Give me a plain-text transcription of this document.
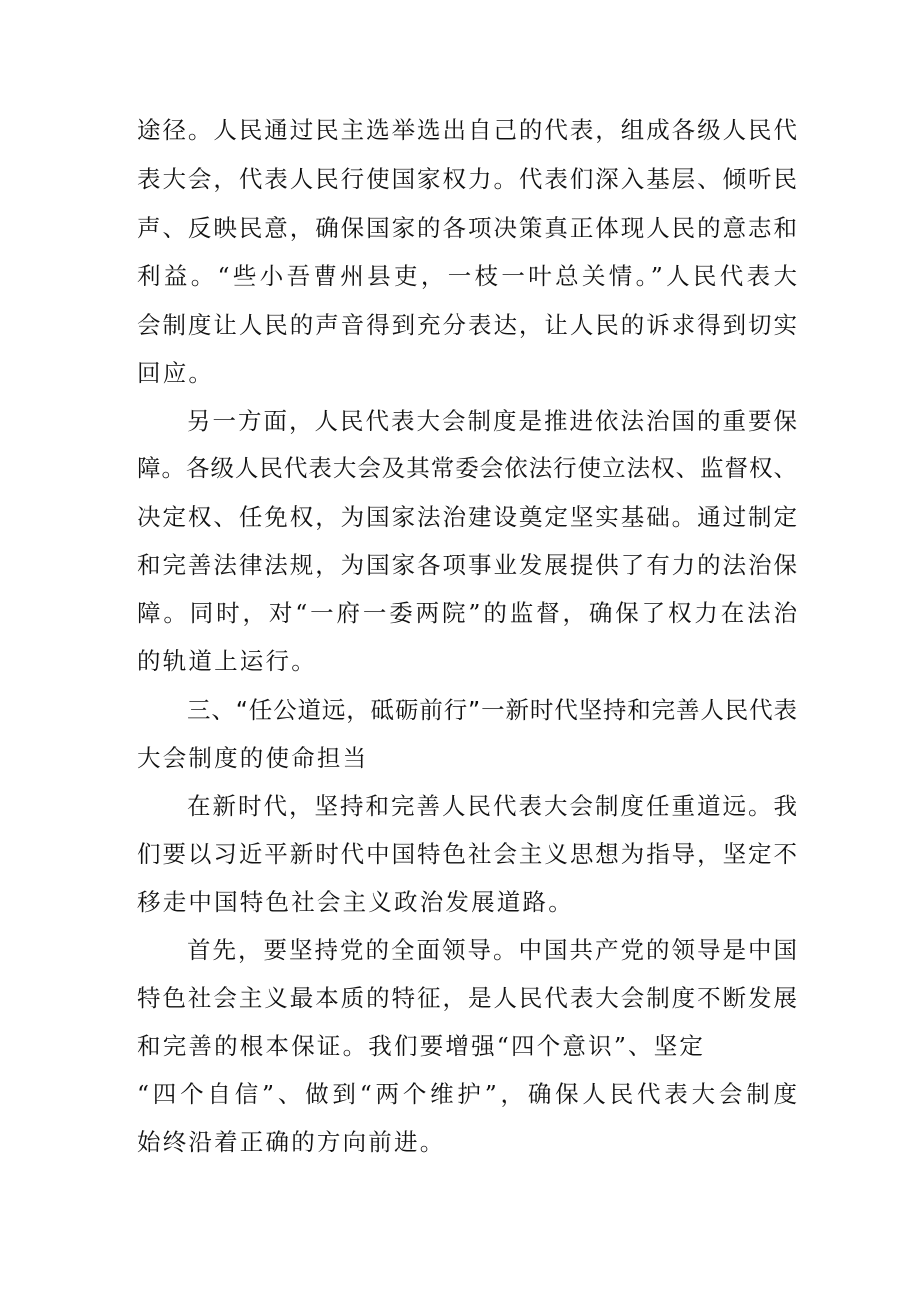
途径。人民通过民主选举选出自己的代表，组成各级人民代

表大会，代表人民行使国家权力。代表们深入基层、倾听民

声、反映民意，确保国家的各项决策真正体现人民的意志和

利益。“些小吾曹州县吏，一枝一叶总关情。”人民代表大

会制度让人民的声音得到充分表达，让人民的诉求得到切实

回应。

另一方面，人民代表大会制度是推进依法治国的重要保

障。各级人民代表大会及其常委会依法行使立法权、监督权、

决定权、任免权，为国家法治建设奠定坚实基础。通过制定

和完善法律法规，为国家各项事业发展提供了有力的法治保

障。同时，对“一府一委两院”的监督，确保了权力在法治

的轨道上运行。

三、“任公道远，砥砺前行”一新时代坚持和完善人民代表

大会制度的使命担当

在新时代，坚持和完善人民代表大会制度任重道远。我

们要以习近平新时代中国特色社会主义思想为指导，坚定不

移走中国特色社会主义政治发展道路。

首先，要坚持党的全面领导。中国共产党的领导是中国

特色社会主义最本质的特征，是人民代表大会制度不断发展

和完善的根本保证。我们要增强“四个意识”、坚定

“四个自信”、做到“两个维护”，确保人民代表大会制度

始终沿着正确的方向前进。
